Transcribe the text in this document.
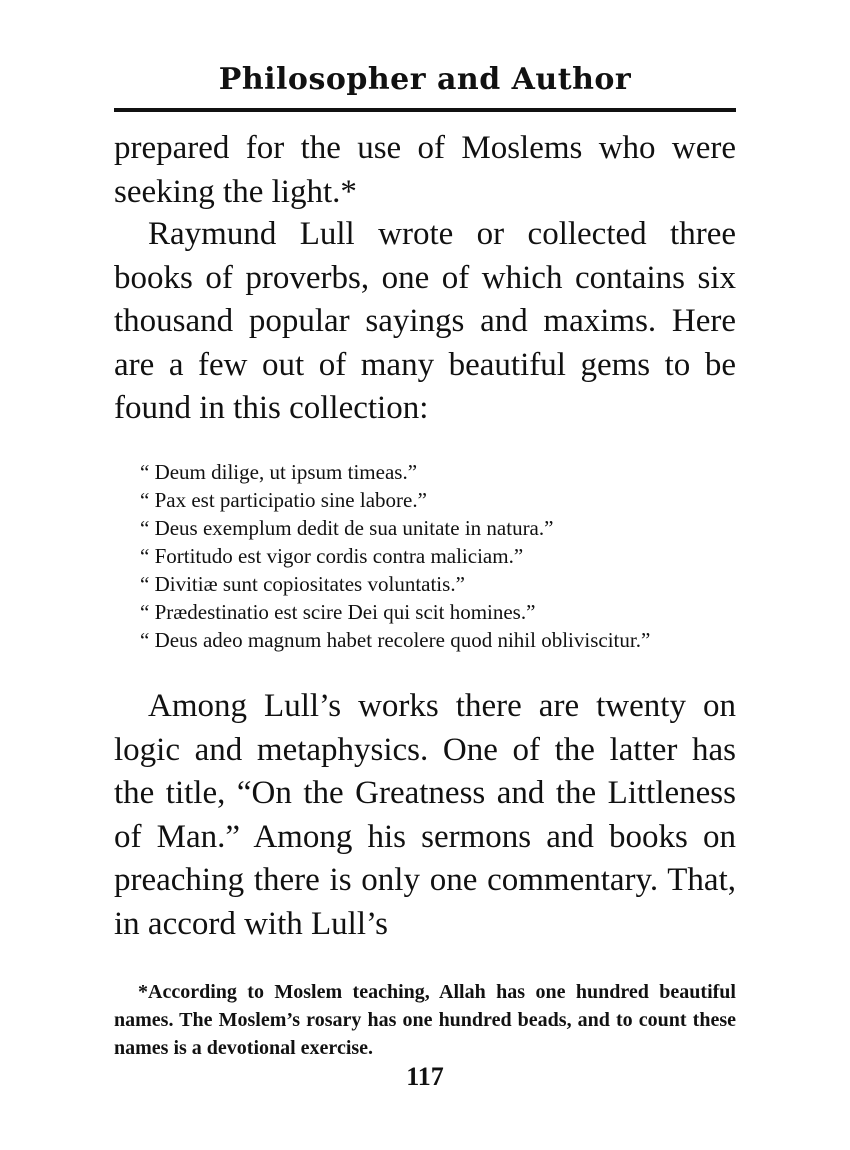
Philosopher and Author

prepared for the use of Moslems who were seeking the light.*

Raymund Lull wrote or collected three books of proverbs, one of which contains six thousand popular sayings and maxims. Here are a few out of many beautiful gems to be found in this collection:

“ Deum dilige, ut ipsum timeas.”
“ Pax est participatio sine labore.”
“ Deus exemplum dedit de sua unitate in natura.”
“ Fortitudo est vigor cordis contra maliciam.”
“ Divitiæ sunt copiositates voluntatis.”
“ Prædestinatio est scire Dei qui scit homines.”
“ Deus adeo magnum habet recolere quod nihil obliviscitur.”

Among Lull’s works there are twenty on logic and metaphysics. One of the latter has the title, “On the Greatness and the Littleness of Man.” Among his sermons and books on preaching there is only one commentary. That, in accord with Lull’s

*According to Moslem teaching, Allah has one hundred beautiful names. The Moslem’s rosary has one hundred beads, and to count these names is a devotional exercise.

117
